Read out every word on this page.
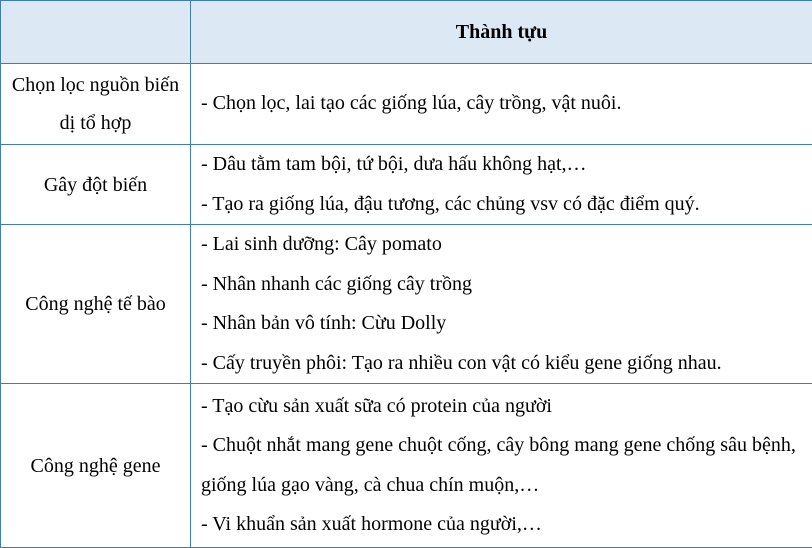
	Thành tựu
Chọn lọc nguồn biến dị tổ hợp	- Chọn lọc, lai tạo các giống lúa, cây trồng, vật nuôi.

Gây đột biến	- Dâu tằm tam bội, tứ bội, dưa hấu không hạt,…
- Tạo ra giống lúa, đậu tương, các chủng vsv có đặc điểm quý.

Công nghệ tế bào	- Lai sinh dưỡng: Cây pomato
- Nhân nhanh các giống cây trồng
- Nhân bản vô tính: Cừu Dolly
- Cấy truyền phôi: Tạo ra nhiều con vật có kiểu gene giống nhau.

Công nghệ gene	- Tạo cừu sản xuất sữa có protein của người
- Chuột nhắt mang gene chuột cống, cây bông mang gene chống sâu bệnh, giống lúa gạo vàng, cà chua chín muộn,…
- Vi khuẩn sản xuất hormone của người,…
